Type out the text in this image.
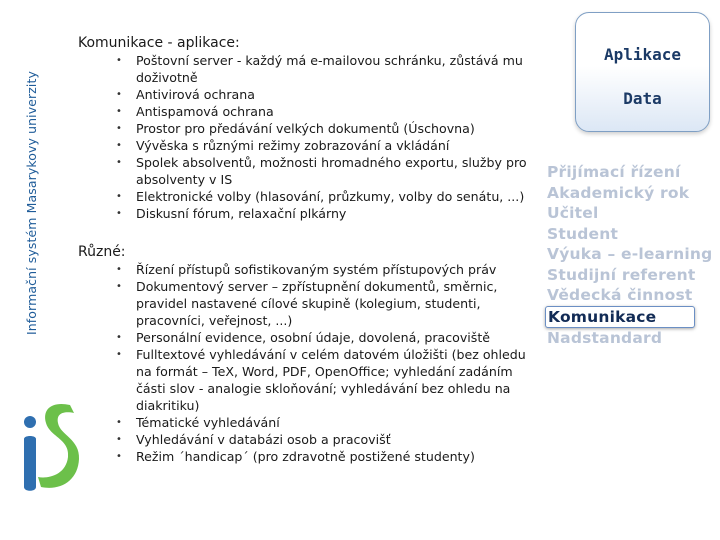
Informační systém Masarykovy univerzity

Komunikace - aplikace:

• Poštovní server - každý má e-mailovou schránku, zůstává mu doživotně
• Antivirová ochrana
• Antispamová ochrana
• Prostor pro předávání velkých dokumentů (Úschovna)
• Vývěska s různými režimy zobrazování a vkládání
• Spolek absolventů, možnosti hromadného exportu, služby pro absolventy v IS
• Elektronické volby (hlasování, průzkumy, volby do senátu, ...)
• Diskusní fórum, relaxační plkárny

Různé:

• Řízení přístupů sofistikovaným systém přístupových práv
• Dokumentový server – zpřístupnění dokumentů, směrnic, pravidel nastavené cílové skupině (kolegium, studenti, pracovníci, veřejnost, ...)
• Personální evidence, osobní údaje, dovolená, pracoviště
• Fulltextové vyhledávání v celém datovém úložišti (bez ohledu na formát – TeX, Word, PDF, OpenOffice; vyhledání zadáním části slov - analogie skloňování; vyhledávání bez ohledu na diakritiku)
• Tématické vyhledávání
• Vyhledávání v databázi osob a pracovišť
• Režim ´handicap´ (pro zdravotně postižené studenty)
Aplikace
Data
Přijímací řízení
Akademický rok
Učitel
Student
Výuka – e-learning
Studijní referent
Vědecká činnost
Komunikace
Nadstandard
